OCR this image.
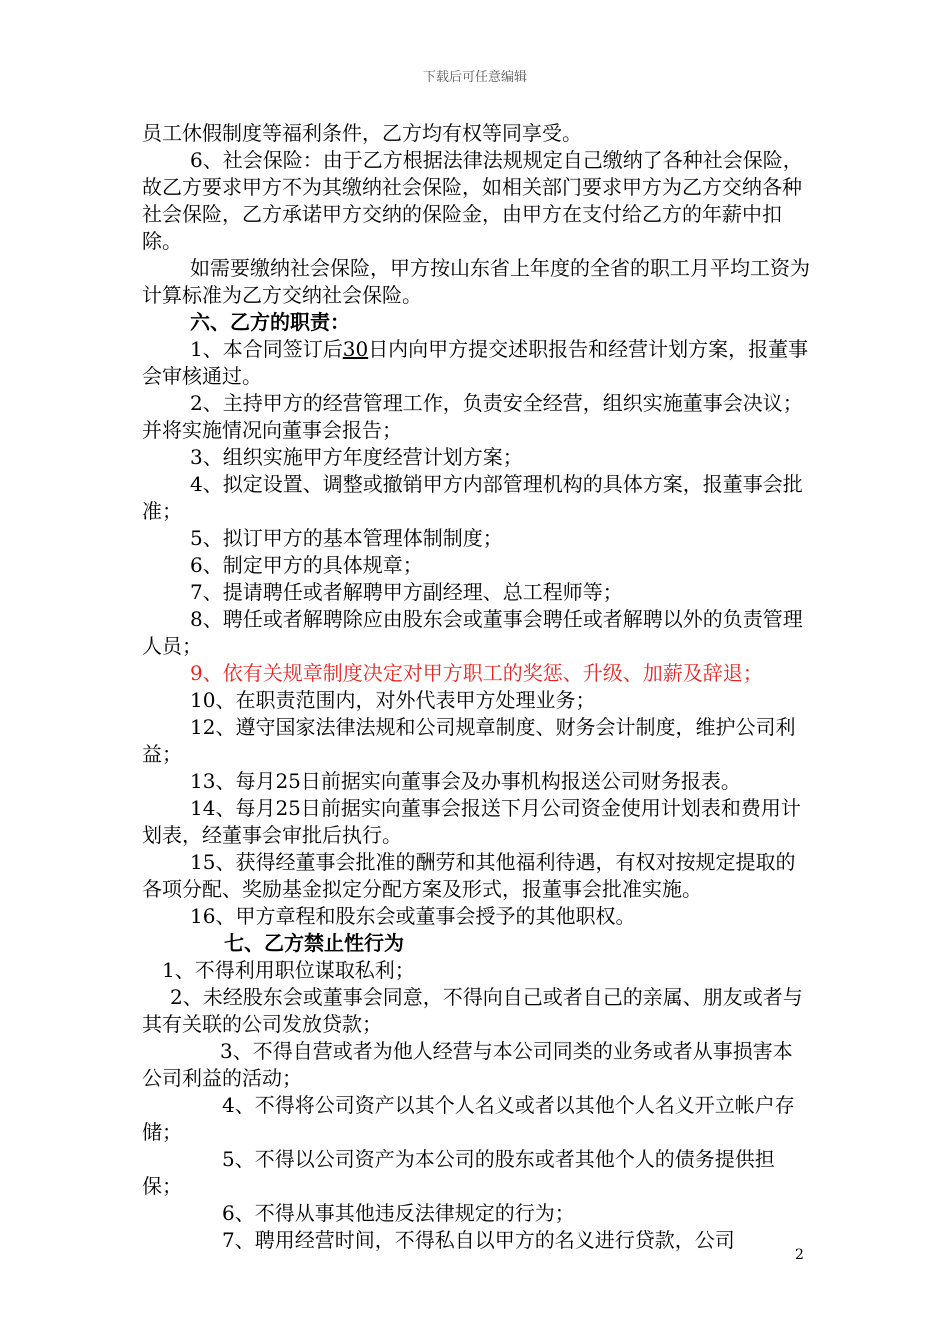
下载后可任意编辑

员工休假制度等福利条件，乙方均有权等同享受。

6、社会保险：由于乙方根据法律法规规定自己缴纳了各种社会保险，故乙方要求甲方不为其缴纳社会保险，如相关部门要求甲方为乙方交纳各种社会保险，乙方承诺甲方交纳的保险金，由甲方在支付给乙方的年薪中扣除。

如需要缴纳社会保险，甲方按山东省上年度的全省的职工月平均工资为计算标准为乙方交纳社会保险。

六、乙方的职责：

1、本合同签订后30日内向甲方提交述职报告和经营计划方案，报董事会审核通过。

2、主持甲方的经营管理工作，负责安全经营，组织实施董事会决议；并将实施情况向董事会报告；

3、组织实施甲方年度经营计划方案；

4、拟定设置、调整或撤销甲方内部管理机构的具体方案，报董事会批准；

5、拟订甲方的基本管理体制制度；

6、制定甲方的具体规章；

7、提请聘任或者解聘甲方副经理、总工程师等；

8、聘任或者解聘除应由股东会或董事会聘任或者解聘以外的负责管理人员；

9、依有关规章制度决定对甲方职工的奖惩、升级、加薪及辞退；

10、在职责范围内，对外代表甲方处理业务；

12、遵守国家法律法规和公司规章制度、财务会计制度，维护公司利益；

13、每月25日前据实向董事会及办事机构报送公司财务报表。

14、每月25日前据实向董事会报送下月公司资金使用计划表和费用计划表，经董事会审批后执行。

15、获得经董事会批准的酬劳和其他福利待遇，有权对按规定提取的各项分配、奖励基金拟定分配方案及形式，报董事会批准实施。

16、甲方章程和股东会或董事会授予的其他职权。

七、乙方禁止性行为

1、不得利用职位谋取私利；

2、未经股东会或董事会同意，不得向自己或者自己的亲属、朋友或者与其有关联的公司发放贷款；

3、不得自营或者为他人经营与本公司同类的业务或者从事损害本公司利益的活动；

4、不得将公司资产以其个人名义或者以其他个人名义开立帐户存储；

5、不得以公司资产为本公司的股东或者其他个人的债务提供担保；

6、不得从事其他违反法律规定的行为；

7、聘用经营时间，不得私自以甲方的名义进行贷款，公司

2
